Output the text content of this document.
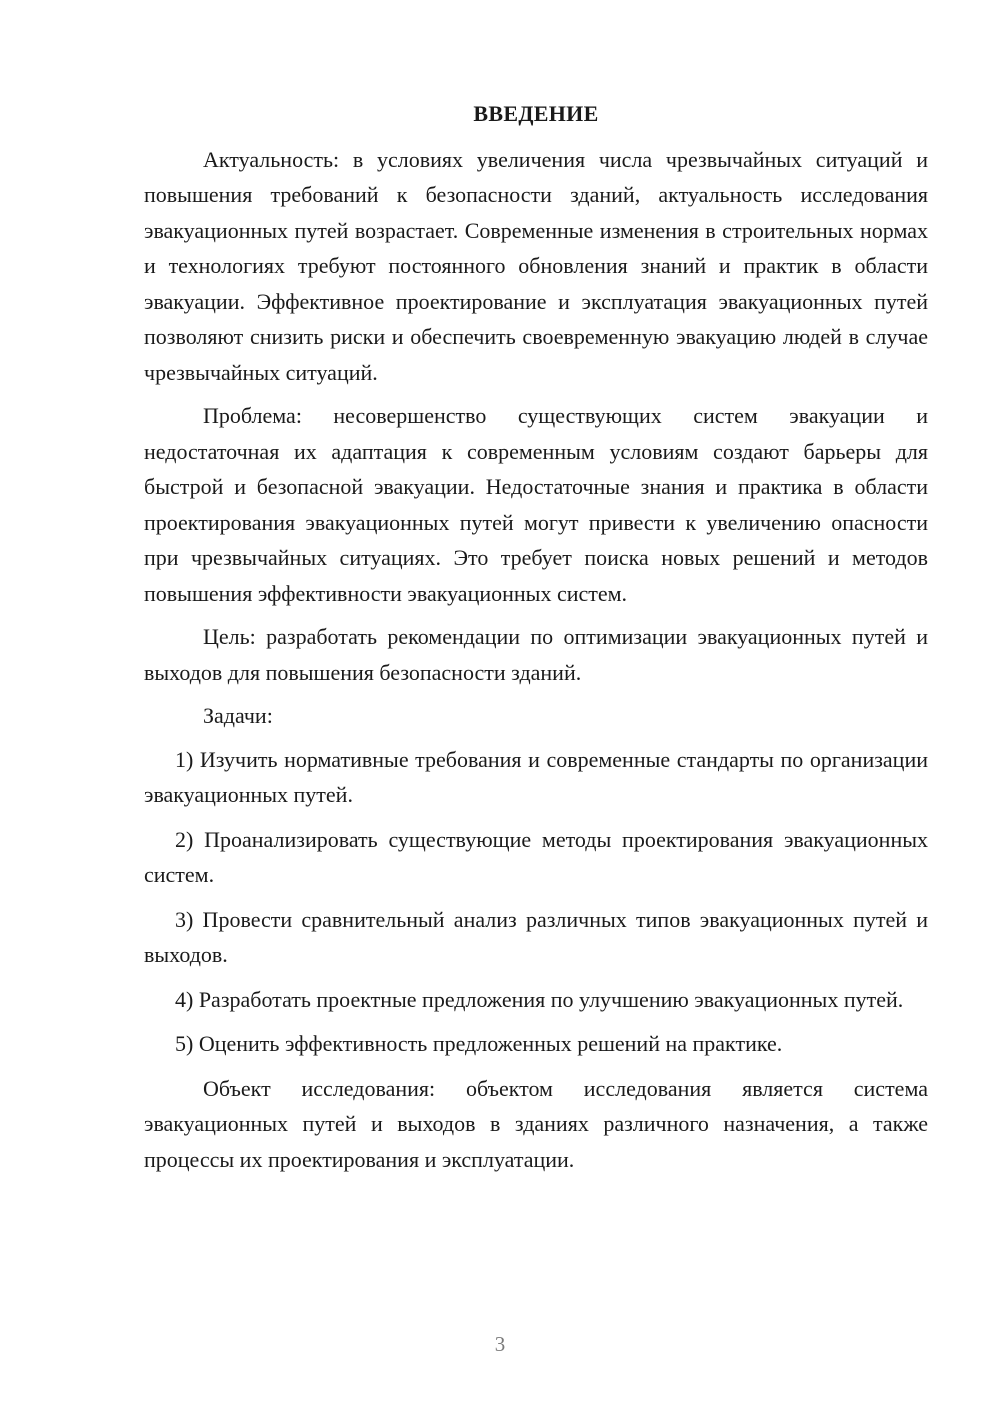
ВВЕДЕНИЕ

Актуальность: в условиях увеличения числа чрезвычайных ситуаций и повышения требований к безопасности зданий, актуальность исследования эвакуационных путей возрастает. Современные изменения в строительных нормах и технологиях требуют постоянного обновления знаний и практик в области эвакуации. Эффективное проектирование и эксплуатация эвакуационных путей позволяют снизить риски и обеспечить своевременную эвакуацию людей в случае чрезвычайных ситуаций.

Проблема: несовершенство существующих систем эвакуации и недостаточная их адаптация к современным условиям создают барьеры для быстрой и безопасной эвакуации. Недостаточные знания и практика в области проектирования эвакуационных путей могут привести к увеличению опасности при чрезвычайных ситуациях. Это требует поиска новых решений и методов повышения эффективности эвакуационных систем.

Цель: разработать рекомендации по оптимизации эвакуационных путей и выходов для повышения безопасности зданий.

Задачи:

1) Изучить нормативные требования и современные стандарты по организации эвакуационных путей.

2) Проанализировать существующие методы проектирования эвакуационных систем.

3) Провести сравнительный анализ различных типов эвакуационных путей и выходов.

4) Разработать проектные предложения по улучшению эвакуационных путей.

5) Оценить эффективность предложенных решений на практике.

Объект исследования: объектом исследования является система эвакуационных путей и выходов в зданиях различного назначения, а также процессы их проектирования и эксплуатации.

3
